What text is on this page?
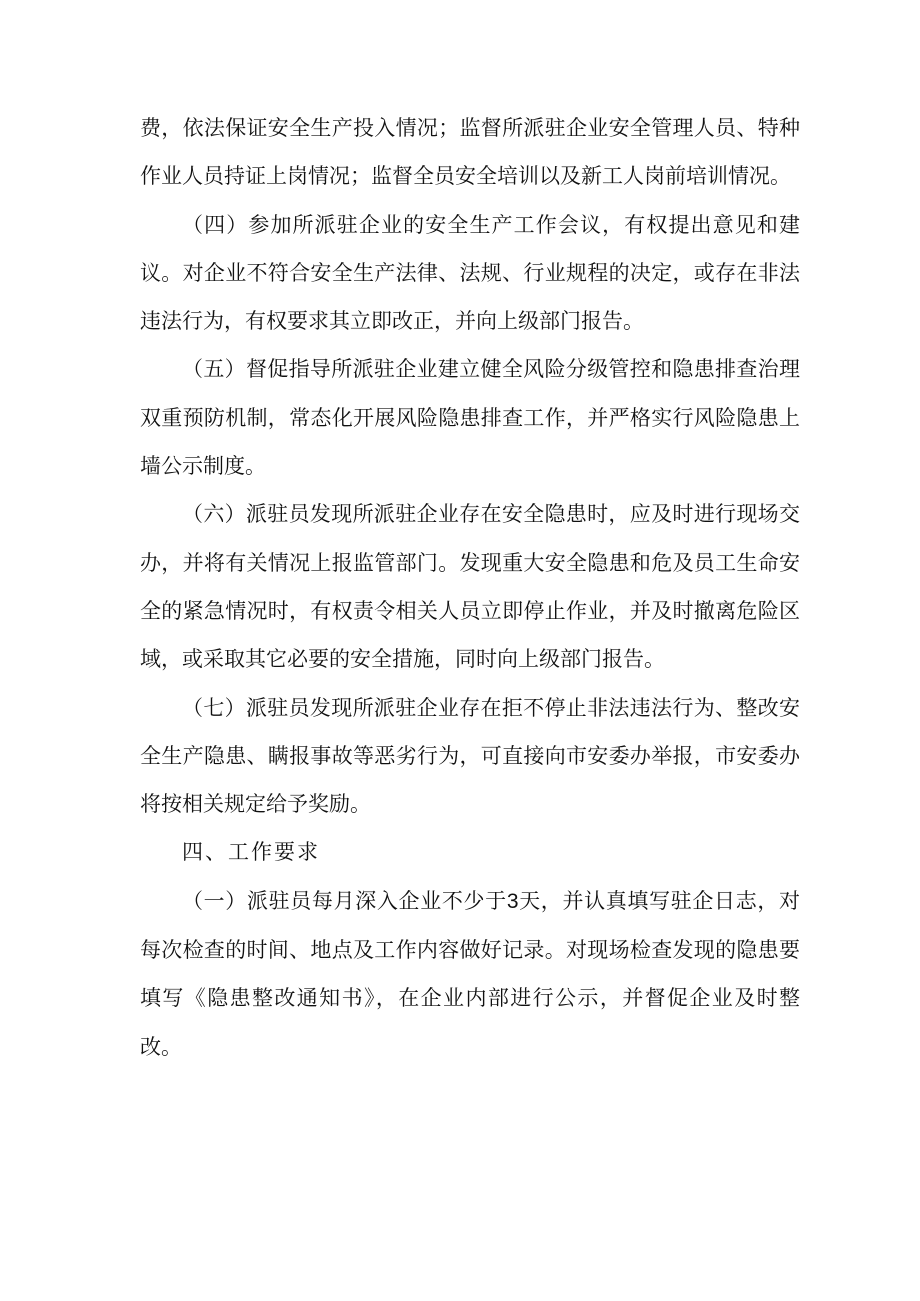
费，依法保证安全生产投入情况；监督所派驻企业安全管理人员、特种作业人员持证上岗情况；监督全员安全培训以及新工人岗前培训情况。

（四）参加所派驻企业的安全生产工作会议，有权提出意见和建议。对企业不符合安全生产法律、法规、行业规程的决定，或存在非法违法行为，有权要求其立即改正，并向上级部门报告。

（五）督促指导所派驻企业建立健全风险分级管控和隐患排查治理双重预防机制，常态化开展风险隐患排查工作，并严格实行风险隐患上墙公示制度。

（六）派驻员发现所派驻企业存在安全隐患时，应及时进行现场交办，并将有关情况上报监管部门。发现重大安全隐患和危及员工生命安全的紧急情况时，有权责令相关人员立即停止作业，并及时撤离危险区域，或采取其它必要的安全措施，同时向上级部门报告。

（七）派驻员发现所派驻企业存在拒不停止非法违法行为、整改安全生产隐患、瞒报事故等恶劣行为，可直接向市安委办举报，市安委办将按相关规定给予奖励。

四、工作要求

（一）派驻员每月深入企业不少于3天，并认真填写驻企日志，对每次检查的时间、地点及工作内容做好记录。对现场检查发现的隐患要填写《隐患整改通知书》，在企业内部进行公示，并督促企业及时整改。
